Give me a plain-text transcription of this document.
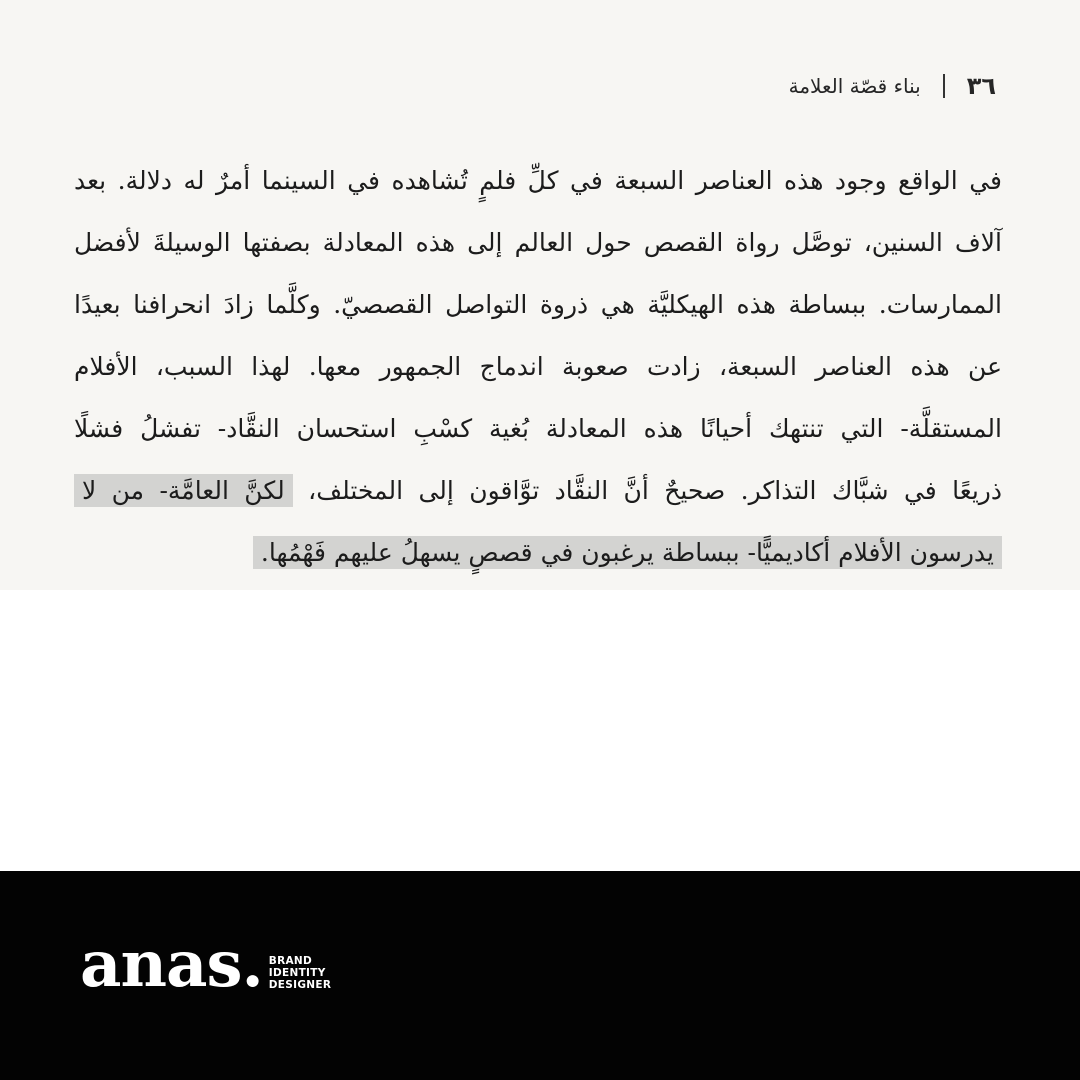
٣٦
بناء قصّة العلامة
في الواقع وجود هذه العناصر السبعة في كلِّ فلمٍ تُشاهده في السينما أمرٌ له دلالة. بعد
آلاف السنين، توصَّل رواة القصص حول العالم إلى هذه المعادلة بصفتها الوسيلةَ لأفضل
الممارسات. ببساطة هذه الهيكليَّة هي ذروة التواصل القصصيّ. وكلَّما زادَ انحرافنا بعيدًا
عن هذه العناصر السبعة، زادت صعوبة اندماج الجمهور معها. لهذا السبب، الأفلام
المستقلَّة- التي تنتهك أحيانًا هذه المعادلة بُغية كسْبِ استحسان النقَّاد- تفشلُ فشلًا
ذريعًا في شبَّاك التذاكر. صحيحٌ أنَّ النقَّاد توَّاقون إلى المختلف، لكنَّ العامَّة- من لا
يدرسون الأفلام أكاديميًّا- ببساطة يرغبون في قصصٍ يسهلُ عليهم فَهْمُها.
anas. BRAND
IDENTITY
DESIGNER
